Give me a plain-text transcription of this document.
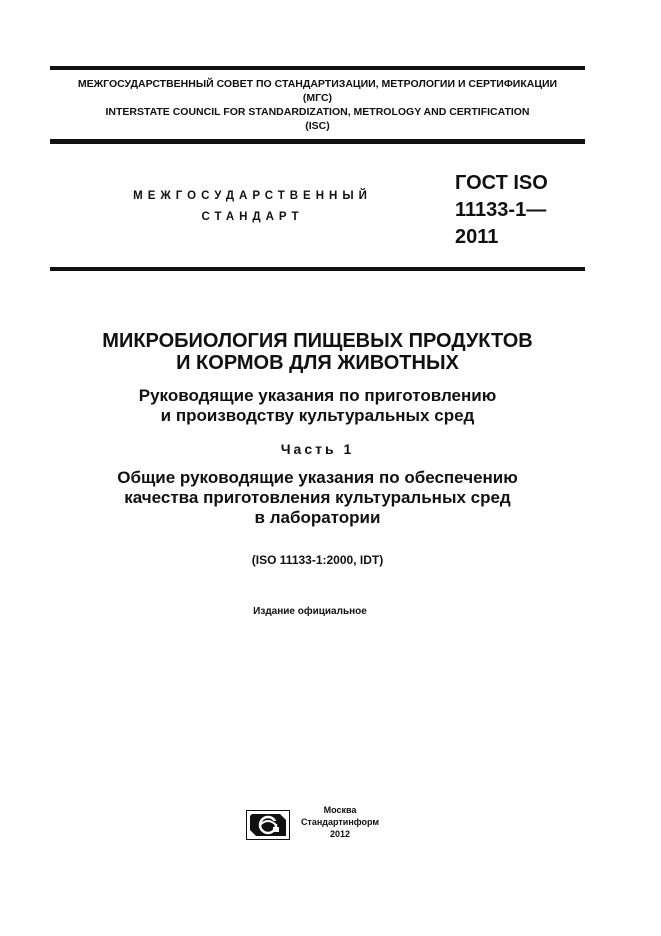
МЕЖГОСУДАРСТВЕННЫЙ СОВЕТ ПО СТАНДАРТИЗАЦИИ, МЕТРОЛОГИИ И СЕРТИФИКАЦИИ
(МГС)
INTERSTATE COUNCIL FOR STANDARDIZATION, METROLOGY AND CERTIFICATION
(ISC)
МЕЖГОСУДАРСТВЕННЫЙ
СТАНДАРТ
ГОСТ ISO
11133-1—
2011
МИКРОБИОЛОГИЯ ПИЩЕВЫХ ПРОДУКТОВ
И КОРМОВ ДЛЯ ЖИВОТНЫХ
Руководящие указания по приготовлению
и производству культуральных сред
Часть 1
Общие руководящие указания по обеспечению
качества приготовления культуральных сред
в лаборатории
(ISO 11133-1:2000, IDT)
Издание официальное
Москва
Стандартинформ
2012
